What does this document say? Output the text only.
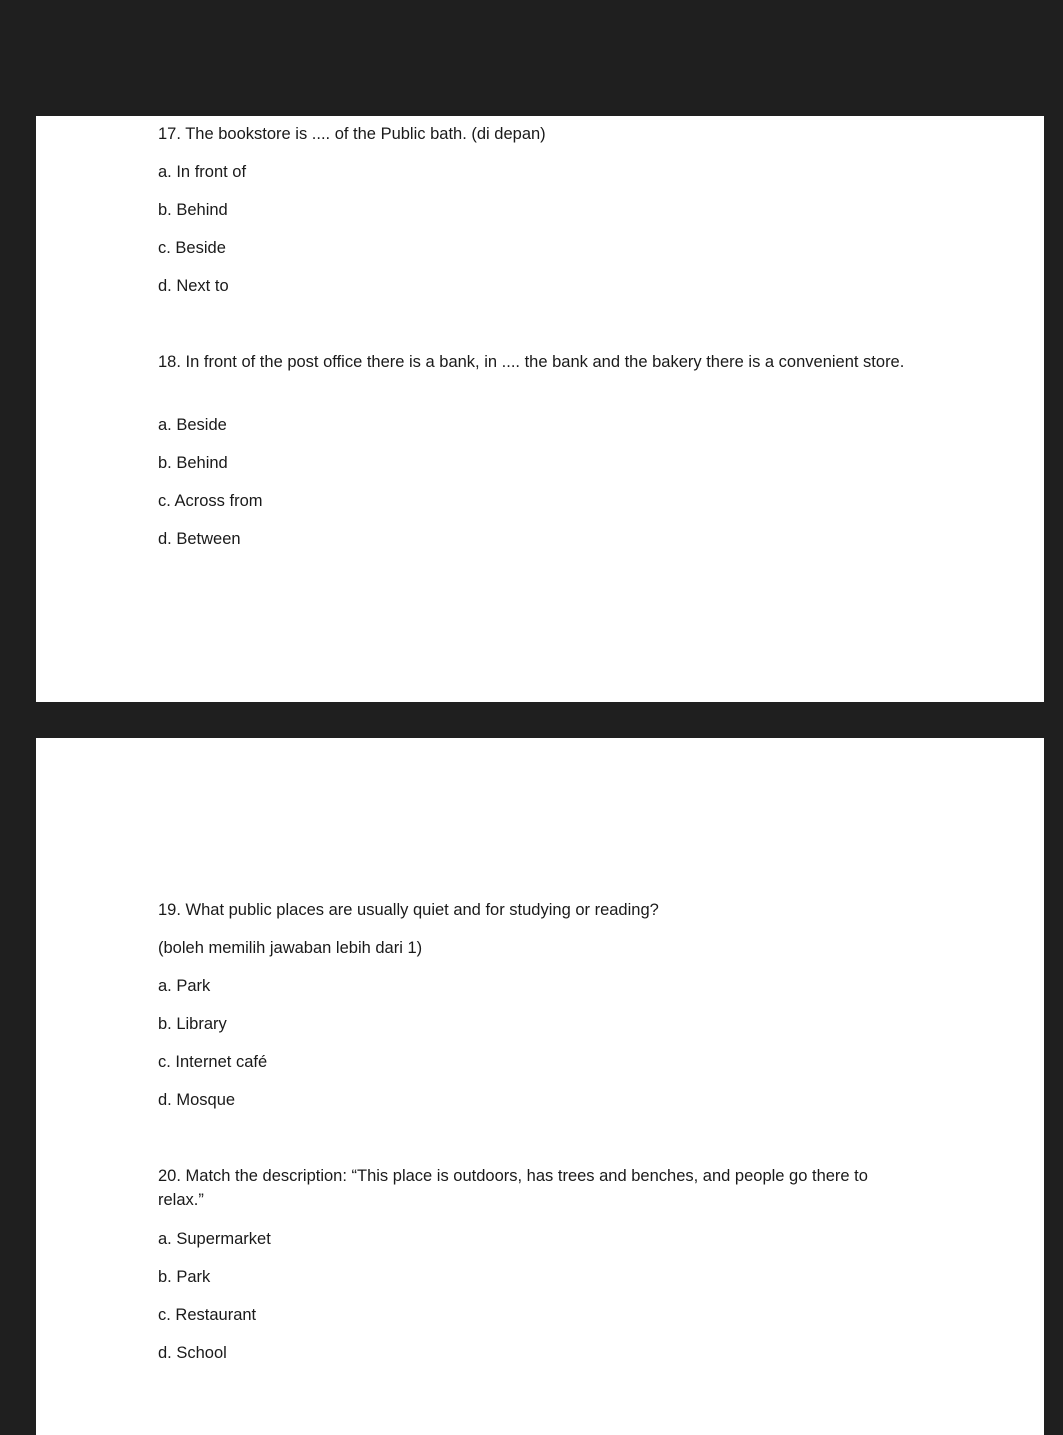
17. The bookstore is .... of the Public bath. (di depan)
a. In front of
b. Behind
c. Beside
d. Next to
18. In front of the post office there is a bank, in .... the bank and the bakery there is a convenient store.
a. Beside
b. Behind
c. Across from
d. Between
19. What public places are usually quiet and for studying or reading?
(boleh memilih jawaban lebih dari 1)
a. Park
b. Library
c. Internet café
d. Mosque
20. Match the description: “This place is outdoors, has trees and benches, and people go there to relax.”
a. Supermarket
b. Park
c. Restaurant
d. School
